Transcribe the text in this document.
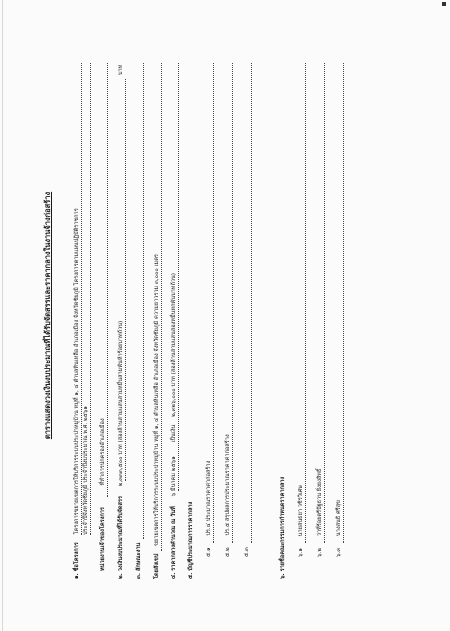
ตารางแสดงวงเงินงบประมาณที่ได้รับจัดสรรและราคากลางในงานจ้างก่อสร้าง
๑. ชื่อโครงการ โครงการขยายเขตการให้บริการระบบประปาหมู่บ้าน หมู่ที่ ๑, ๔ ตำบลหินเหลือ อำเภอเมือง จังหวัดชัยภูมิ โครงการตามแผนปฏิบัติราชการ ประจำปีจังหวัดชัยภูมิ ประจำปีงบประมาณ พ.ศ. ๒๕๖๑
หน่วยงานเจ้าของโครงการ ที่ทำการปกครองอำเภอเมือง
๒. วงเงินงบประมาณที่ได้รับจัดสรร ๒,๓๓๓,๕๐๐ บาท (สองล้านสามแสนสามหมื่นสามพันห้าร้อยบาทถ้วน)
บาท
๓. ลักษณะงาน โดยสังเขป ขยายเขตการให้บริการระบบประปาหมู่บ้าน หมู่ที่ ๑, ๔ ตำบลหินเหลือ อำเภอเมือง จังหวัดชัยภูมิ ความยาวรวม ๓,๐๐๐ เมตร ๔. ราคากลางคำนวณ ณ วันที่ ๖ มีนาคม ๒๕๖๑ เป็นเงิน ๒,๓๒๖,๐๐๐ บาท (สองล้านสามแสนสองหมื่นหกพันบาทถ้วน)
๕. บัญชีประมาณการราคากลาง ๕.๑ ปร.๔ ประมาณราคาค่าก่อสร้าง
๕.๒ ปร.๕ สรุปผลการประมาณราคาค่าก่อสร้าง
๕.๓	๖. รายชื่อคณะกรรมการกำหนดราคากลาง ๖.๑ นายสนธยา วชิรวิเศษ
๖.๒ ว่าที่ร้อยตรีปัฐธาน ยิ่งยงสิทธิ์
๖.๓ นางสนธิ ศรีสุข
